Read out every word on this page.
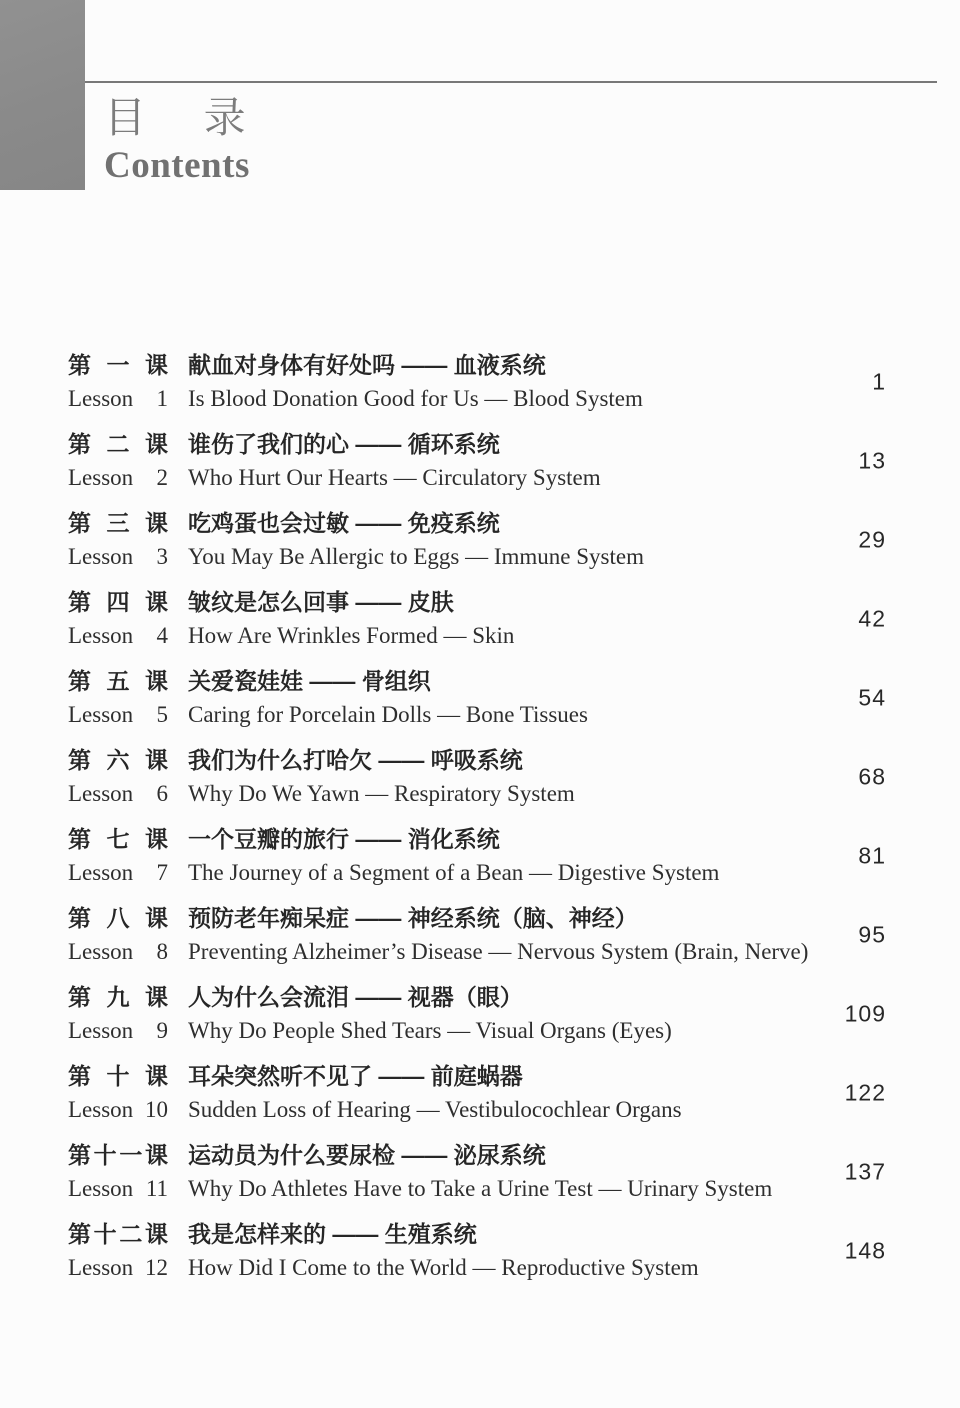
目 录
Contents
第 一 课
Lesson 1
献血对身体有好处吗 —— 血液系统
Is Blood Donation Good for Us — Blood System
1
第 二 课
Lesson 2
谁伤了我们的心 —— 循环系统
Who Hurt Our Hearts — Circulatory System
13
第 三 课
Lesson 3
吃鸡蛋也会过敏 —— 免疫系统
You May Be Allergic to Eggs — Immune System
29
第 四 课
Lesson 4
皱纹是怎么回事 —— 皮肤
How Are Wrinkles Formed — Skin
42
第 五 课
Lesson 5
关爱瓷娃娃 —— 骨组织
Caring for Porcelain Dolls — Bone Tissues
54
第 六 课
Lesson 6
我们为什么打哈欠 —— 呼吸系统
Why Do We Yawn — Respiratory System
68
第 七 课
Lesson 7
一个豆瓣的旅行 —— 消化系统
The Journey of a Segment of a Bean — Digestive System
81
第 八 课
Lesson 8
预防老年痴呆症 —— 神经系统（脑、神经）
Preventing Alzheimer’s Disease — Nervous System (Brain, Nerve)
95
第 九 课
Lesson 9
人为什么会流泪 —— 视器（眼）
Why Do People Shed Tears — Visual Organs (Eyes)
109
第 十 课
Lesson 10
耳朵突然听不见了 —— 前庭蜗器
Sudden Loss of Hearing — Vestibulocochlear Organs
122
第十一课
Lesson 11
运动员为什么要尿检 —— 泌尿系统
Why Do Athletes Have to Take a Urine Test — Urinary System
137
第十二课
Lesson 12
我是怎样来的 —— 生殖系统
How Did I Come to the World — Reproductive System
148
